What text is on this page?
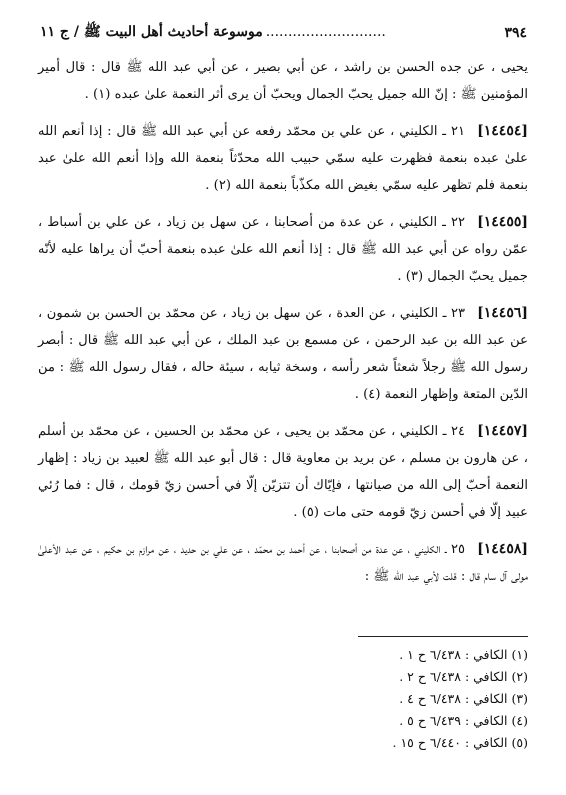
٣٩٤
...........................موسوعة أحاديث أهل البيت ﷺ / ج ١١

يحيى ، عن جده الحسن بن راشد ، عن أبي بصير ، عن أبي عبد الله ﷺ قال : قال أمير المؤمنين ﷺ : إنّ الله جميل يحبّ الجمال ويحبّ أن يرى أثر النعمة علىٰ عبده (١) .

[١٤٤٥٤]٢١ ـ الكليني ، عن علي بن محمّد رفعه عن أبي عبد الله ﷺ قال : إذا أنعم الله علىٰ عبده بنعمة فظهرت عليه سمّي حبيب الله محدّثاً بنعمة الله وإذا أنعم الله علىٰ عبد بنعمة فلم تظهر عليه سمّي بغيض الله مكذّباً بنعمة الله (٢) .

[١٤٤٥٥]٢٢ ـ الكليني ، عن عدة من أصحابنا ، عن سهل بن زياد ، عن علي بن أسباط ، عمّن رواه عن أبي عبد الله ﷺ قال : إذا أنعم الله علىٰ عبده بنعمة أحبّ أن يراها عليه لأنّه جميل يحبّ الجمال (٣) .

[١٤٤٥٦]٢٣ ـ الكليني ، عن العدة ، عن سهل بن زياد ، عن محمّد بن الحسن بن شمون ، عن عبد الله بن عبد الرحمن ، عن مسمع بن عبد الملك ، عن أبي عبد الله ﷺ قال : أبصر رسول الله ﷺ رجلاً شعثاً شعر رأسه ، وسخة ثيابه ، سيئة حاله ، فقال رسول الله ﷺ : من الدّين المتعة وإظهار النعمة (٤) .

[١٤٤٥٧]٢٤ ـ الكليني ، عن محمّد بن يحيى ، عن محمّد بن الحسين ، عن محمّد بن أسلم ، عن هارون بن مسلم ، عن بريد بن معاوية قال : قال أبو عبد الله ﷺ لعبيد بن زياد : إظهار النعمة أحبّ إلى الله من صيانتها ، فإيّاك أن تتزيّن إلّا في أحسن زيّ قومك ، قال : فما رُئي عبيد إلّا في أحسن زيّ قومه حتى مات (٥) .

[١٤٤٥٨]٢٥ ـ الكليني ، عن عدة من أصحابنا ، عن أحمد بن محمّد ، عن علي بن حديد ، عن مرازم بن حكيم ، عن عبد الأعلىٰ مولى آل سام قال : قلت لأبي عبد الله ﷺ :

(١) الكافي : ٦/٤٣٨ ح ١ .
(٢) الكافي : ٦/٤٣٨ ح ٢ .
(٣) الكافي : ٦/٤٣٨ ح ٤ .
(٤) الكافي : ٦/٤٣٩ ح ٥ .
(٥) الكافي : ٦/٤٤٠ ح ١٥ .
